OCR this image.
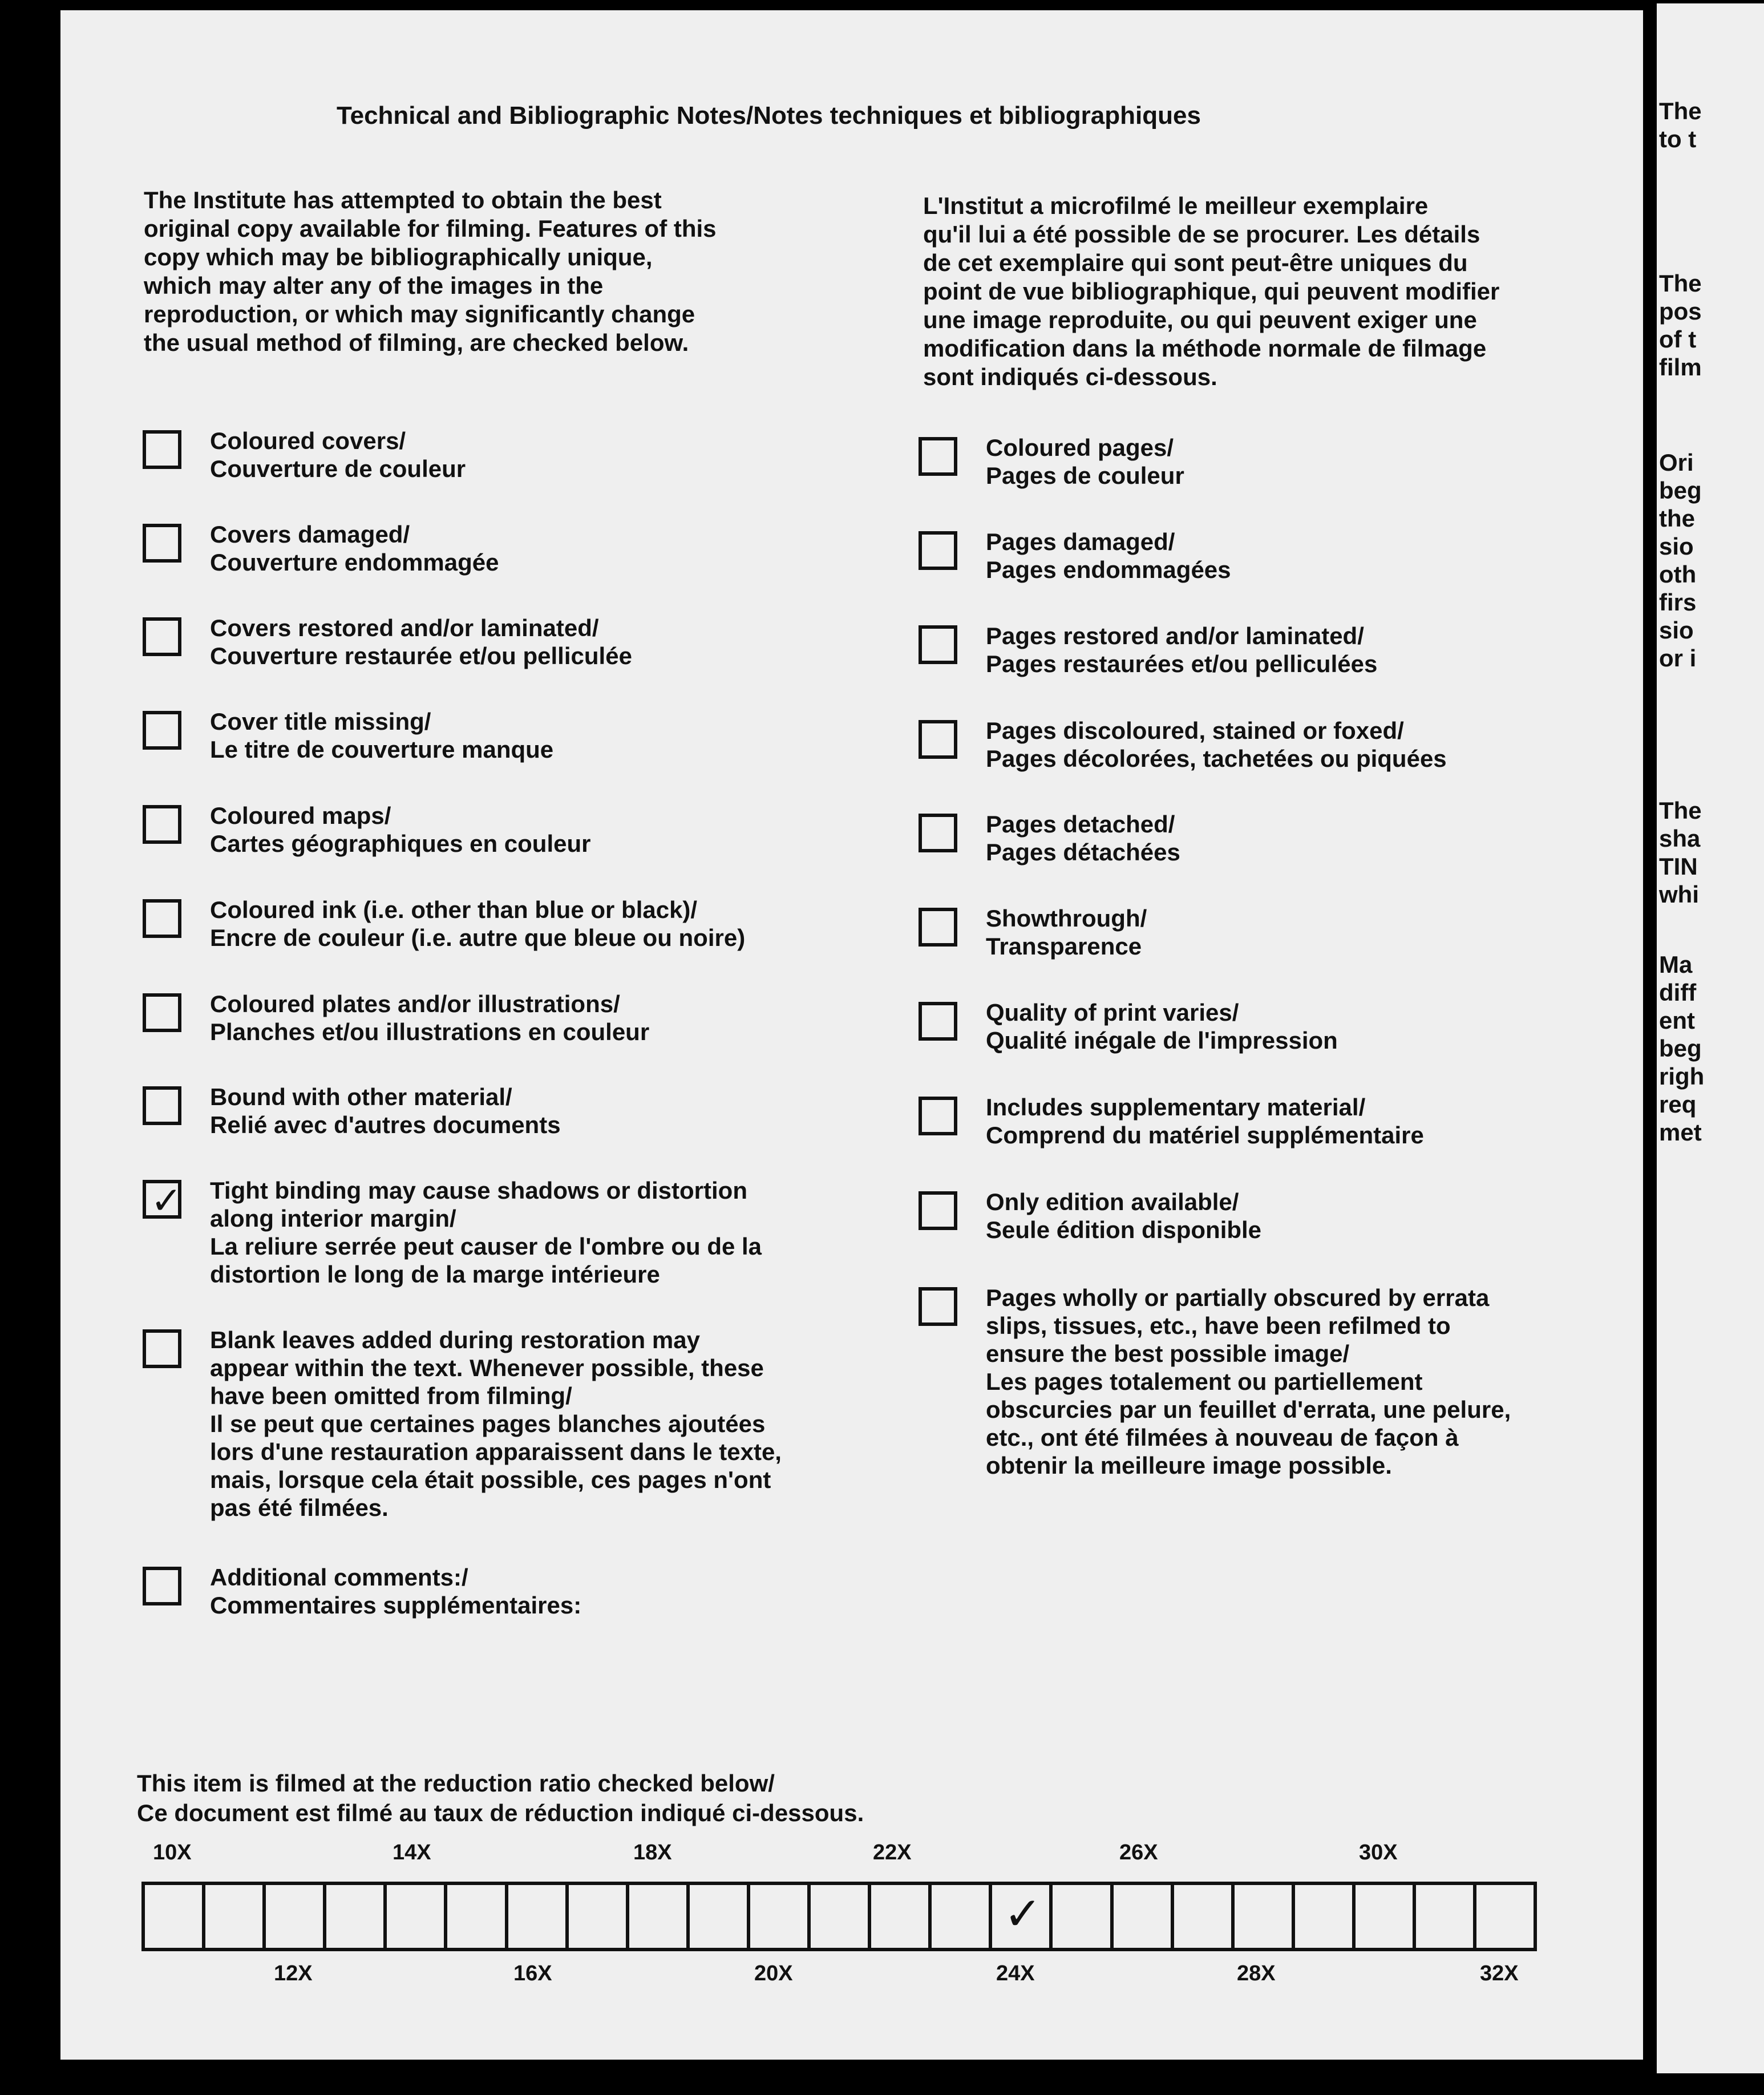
The
to t
The
pos
of t
film
Ori
beg
the
sio
oth
firs
sio
or i
The
sha
TIN
whi
Ma
diff
ent
beg
righ
req
met
Technical and Bibliographic Notes/Notes techniques et bibliographiques
The Institute has attempted to obtain the best
original copy available for filming. Features of this
copy which may be bibliographically unique,
which may alter any of the images in the
reproduction, or which may significantly change
the usual method of filming, are checked below.
L'Institut a microfilmé le meilleur exemplaire
qu'il lui a été possible de se procurer. Les détails
de cet exemplaire qui sont peut-être uniques du
point de vue bibliographique, qui peuvent modifier
une image reproduite, ou qui peuvent exiger une
modification dans la méthode normale de filmage
sont indiqués ci-dessous.
Coloured covers/
Couverture de couleur
Covers damaged/
Couverture endommagée
Covers restored and/or laminated/
Couverture restaurée et/ou pelliculée
Cover title missing/
Le titre de couverture manque
Coloured maps/
Cartes géographiques en couleur
Coloured ink (i.e. other than blue or black)/
Encre de couleur (i.e. autre que bleue ou noire)
Coloured plates and/or illustrations/
Planches et/ou illustrations en couleur
Bound with other material/
Relié avec d'autres documents
✓ Tight binding may cause shadows or distortion
along interior margin/
La reliure serrée peut causer de l'ombre ou de la
distortion le long de la marge intérieure
Blank leaves added during restoration may
appear within the text. Whenever possible, these
have been omitted from filming/
Il se peut que certaines pages blanches ajoutées
lors d'une restauration apparaissent dans le texte,
mais, lorsque cela était possible, ces pages n'ont
pas été filmées.
Additional comments:/
Commentaires supplémentaires:
Coloured pages/
Pages de couleur
Pages damaged/
Pages endommagées
Pages restored and/or laminated/
Pages restaurées et/ou pelliculées
Pages discoloured, stained or foxed/
Pages décolorées, tachetées ou piquées
Pages detached/
Pages détachées
Showthrough/
Transparence
Quality of print varies/
Qualité inégale de l'impression
Includes supplementary material/
Comprend du matériel supplémentaire
Only edition available/
Seule édition disponible
Pages wholly or partially obscured by errata
slips, tissues, etc., have been refilmed to
ensure the best possible image/
Les pages totalement ou partiellement
obscurcies par un feuillet d'errata, une pelure,
etc., ont été filmées à nouveau de façon à
obtenir la meilleure image possible.
This item is filmed at the reduction ratio checked below/
Ce document est filmé au taux de réduction indiqué ci-dessous.
10X	14X	18X	22X	26X	30X
✓
12X	16X	20X	24X	28X	32X
